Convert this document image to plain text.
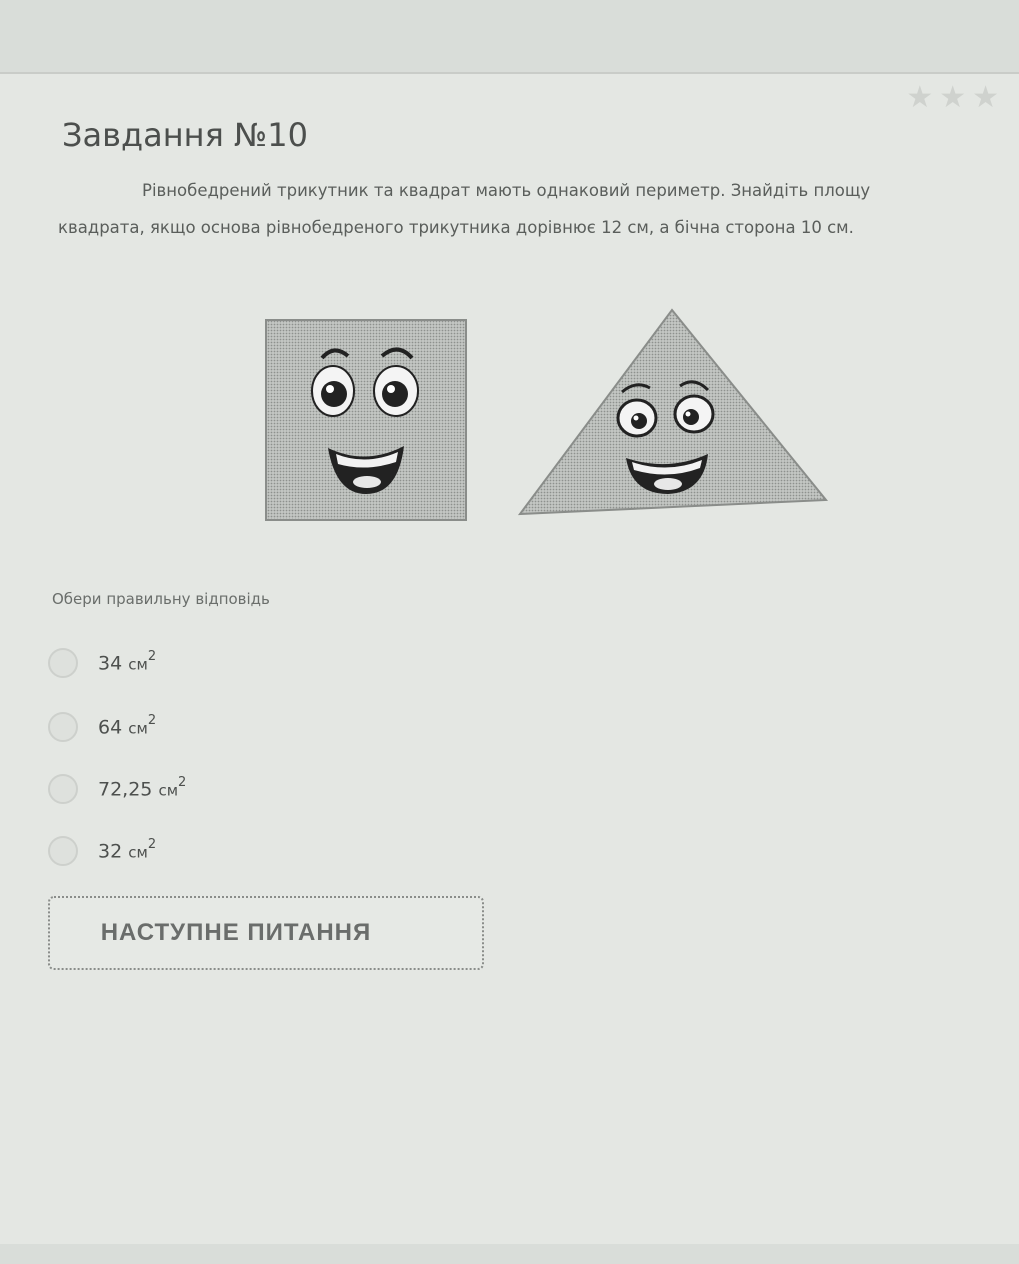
★★★
Завдання №10

Рівнобедрений трикутник та квадрат мають однаковий периметр. Знайдіть площу квадрата, якщо основа рівнобедреного трикутника дорівнює 12 см, а бічна сторона 10 см.

Обери правильну відповідь
34 $см^2$
64 $см^2$
72,25 $см^2$
32 $см^2$
НАСТУПНЕ ПИТАННЯ
